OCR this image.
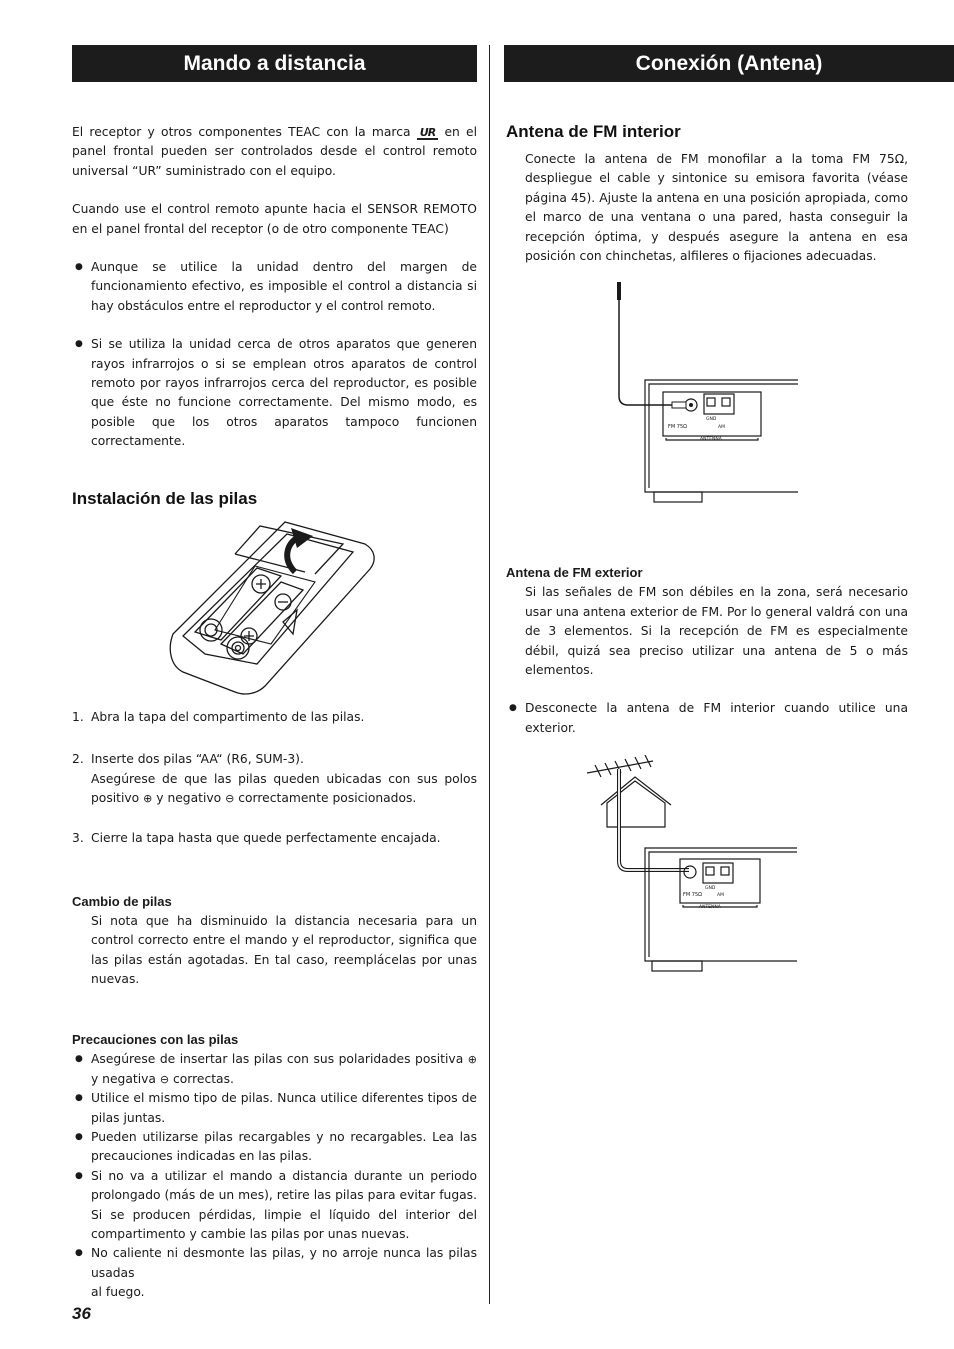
Mando a distancia	Conexión (Antena)

El receptor y otros componentes TEAC con la marca UR en el panel frontal pueden ser controlados desde el control remoto universal “UR” suministrado con el equipo.

Cuando use el control remoto apunte hacia el SENSOR REMOTO en el panel frontal del receptor (o de otro componente TEAC)

● Aunque se utilice la unidad dentro del margen de funcionamiento efectivo, es imposible el control a distancia si hay obstáculos entre el reproductor y el control remoto.

● Si se utiliza la unidad cerca de otros aparatos que generen rayos infrarrojos o si se emplean otros aparatos de control remoto por rayos infrarrojos cerca del reproductor, es posible que éste no funcione correctamente. Del mismo modo, es posible que los otros aparatos tampoco funcionen correctamente.

Instalación de las pilas

1. Abra la tapa del compartimento de las pilas.

2. Inserte dos pilas “AA“ (R6, SUM-3).

Asegúrese de que las pilas queden ubicadas con sus polos positivo ⊕ y negativo ⊖ correctamente posicionados.

3. Cierre la tapa hasta que quede perfectamente encajada.

Cambio de pilas

Si nota que ha disminuido la distancia necesaria para un control correcto entre el mando y el reproductor, significa que las pilas están agotadas. En tal caso, reemplácelas por unas nuevas.

Precauciones con las pilas

● Asegúrese de insertar las pilas con sus polaridades positiva ⊕ y negativa ⊖ correctas.

● Utilice el mismo tipo de pilas. Nunca utilice diferentes tipos de pilas juntas.

● Pueden utilizarse pilas recargables y no recargables. Lea las precauciones indicadas en las pilas.

● Si no va a utilizar el mando a distancia durante un periodo prolongado (más de un mes), retire las pilas para evitar fugas. Si se producen pérdidas, limpie el líquido del interior del compartimento y cambie las pilas por unas nuevas.

● No caliente ni desmonte las pilas, y no arroje nunca las pilas usadas
al fuego.

Antena de FM interior

Conecte la antena de FM monofilar a la toma FM 75Ω, despliegue el cable y sintonice su emisora favorita (véase página 45). Ajuste la antena en una posición apropiada, como el marco de una ventana o una pared, hasta conseguir la recepción óptima, y después asegure la antena en esa posición con chinchetas, alfileres o fijaciones adecuadas.

Antena de FM exterior

Si las señales de FM son débiles en la zona, será necesario usar una antena exterior de FM. Por lo general valdrá con una de 3 elementos. Si la recepción de FM es especialmente débil, quizá sea preciso utilizar una antena de 5 o más elementos.

● Desconecte la antena de FM interior cuando utilice una exterior.

FM 75Ω
GND
AM
ANTENNA
FM 75Ω
GND
AM
ANTENNA
36
